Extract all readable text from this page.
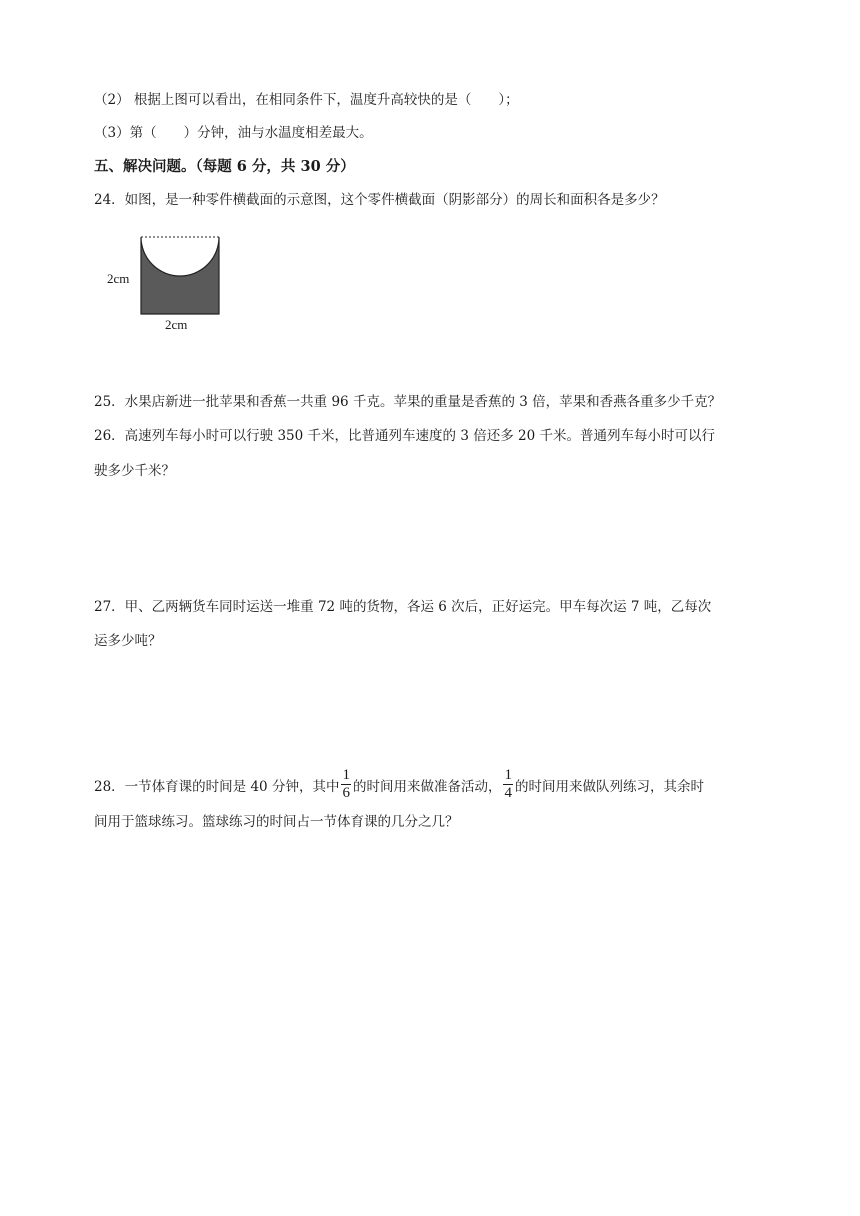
（2） 根据上图可以看出，在相同条件下，温度升高较快的是（　　）；
（3）第（　　）分钟，油与水温度相差最大。
五、解决问题。（每题 6 分，共 30 分）
24．如图，是一种零件横截面的示意图，这个零件横截面（阴影部分）的周长和面积各是多少？
2cm
2cm
25．水果店新进一批苹果和香蕉一共重 96 千克。苹果的重量是香蕉的 3 倍，苹果和香燕各重多少千克？
26．高速列车每小时可以行驶 350 千米，比普通列车速度的 3 倍还多 20 千米。普通列车每小时可以行
驶多少千米？
27．甲、乙两辆货车同时运送一堆重 72 吨的货物，各运 6 次后，正好运完。甲车每次运 7 吨，乙每次
运多少吨？
28．一节体育课的时间是 40 分钟，其中 $\frac{1}{6}$ 的时间用来做准备活动， $\frac{1}{4}$ 的时间用来做队列练习，其余时
间用于篮球练习。篮球练习的时间占一节体育课的几分之几？
